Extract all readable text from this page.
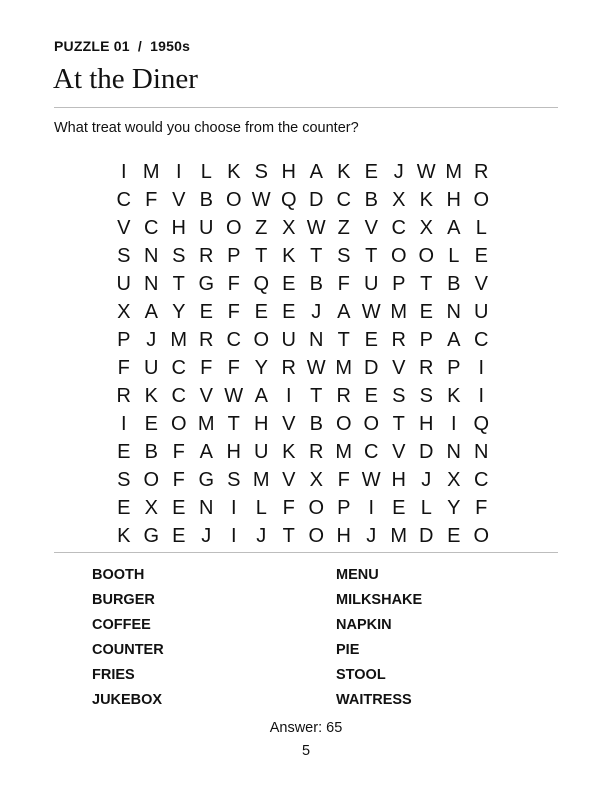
PUZZLE 01  /  1950s
At the Diner
What treat would you choose from the counter?
I M I L K S H A K E J W M R
C F V B O W Q D C B X K H O
V C H U O Z X W Z V C X A L
S N S R P T K T S T O O L E
U N T G F Q E B F U P T B V
X A Y E F E E J A W M E N U
P J M R C O U N T E R P A C
F U C F F Y R W M D V R P I
R K C V W A I T R E S S K I
I E O M T H V B O O T H I Q
E B F A H U K R M C V D N N
S O F G S M V X F W H J X C
E X E N I L F O P I E L Y F
K G E J I J T O H J M D E O
BOOTH
BURGER
COFFEE
COUNTER
FRIES
JUKEBOX
MENU
MILKSHAKE
NAPKIN
PIE
STOOL
WAITRESS
Answer: 65
5
